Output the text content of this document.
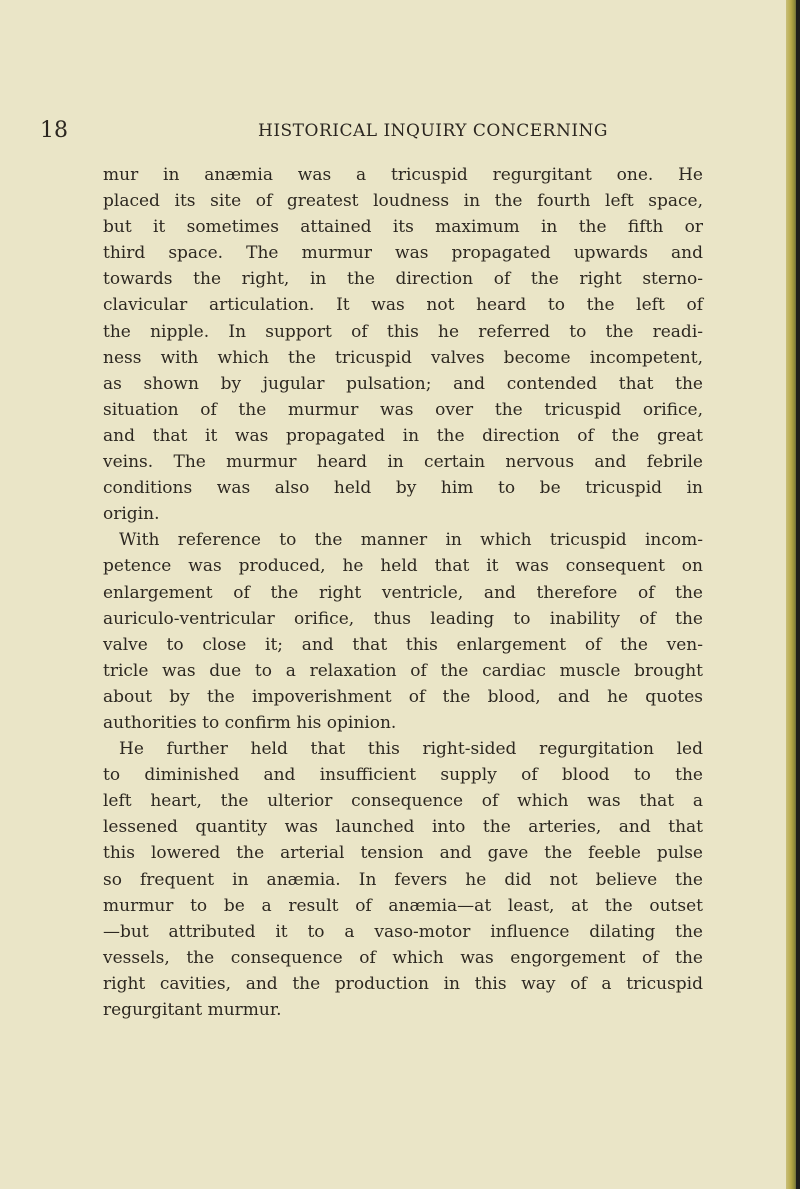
18	HISTORICAL INQUIRY CONCERNING
mur in anæmia was a tricuspid regurgitant one. He
placed its site of greatest loudness in the fourth left space,
but it sometimes attained its maximum in the fifth or
third space. The murmur was propagated upwards and
towards the right, in the direction of the right sterno-
clavicular articulation. It was not heard to the left of
the nipple. In support of this he referred to the readi-
ness with which the tricuspid valves become incompetent,
as shown by jugular pulsation; and contended that the
situation of the murmur was over the tricuspid orifice,
and that it was propagated in the direction of the great
veins. The murmur heard in certain nervous and febrile
conditions was also held by him to be tricuspid in
origin.
With reference to the manner in which tricuspid incom-
petence was produced, he held that it was consequent on
enlargement of the right ventricle, and therefore of the
auriculo-ventricular orifice, thus leading to inability of the
valve to close it; and that this enlargement of the ven-
tricle was due to a relaxation of the cardiac muscle brought
about by the impoverishment of the blood, and he quotes
authorities to confirm his opinion.
He further held that this right-sided regurgitation led
to diminished and insufficient supply of blood to the
left heart, the ulterior consequence of which was that a
lessened quantity was launched into the arteries, and that
this lowered the arterial tension and gave the feeble pulse
so frequent in anæmia. In fevers he did not believe the
murmur to be a result of anæmia—at least, at the outset
—but attributed it to a vaso-motor influence dilating the
vessels, the consequence of which was engorgement of the
right cavities, and the production in this way of a tricuspid
regurgitant murmur.
